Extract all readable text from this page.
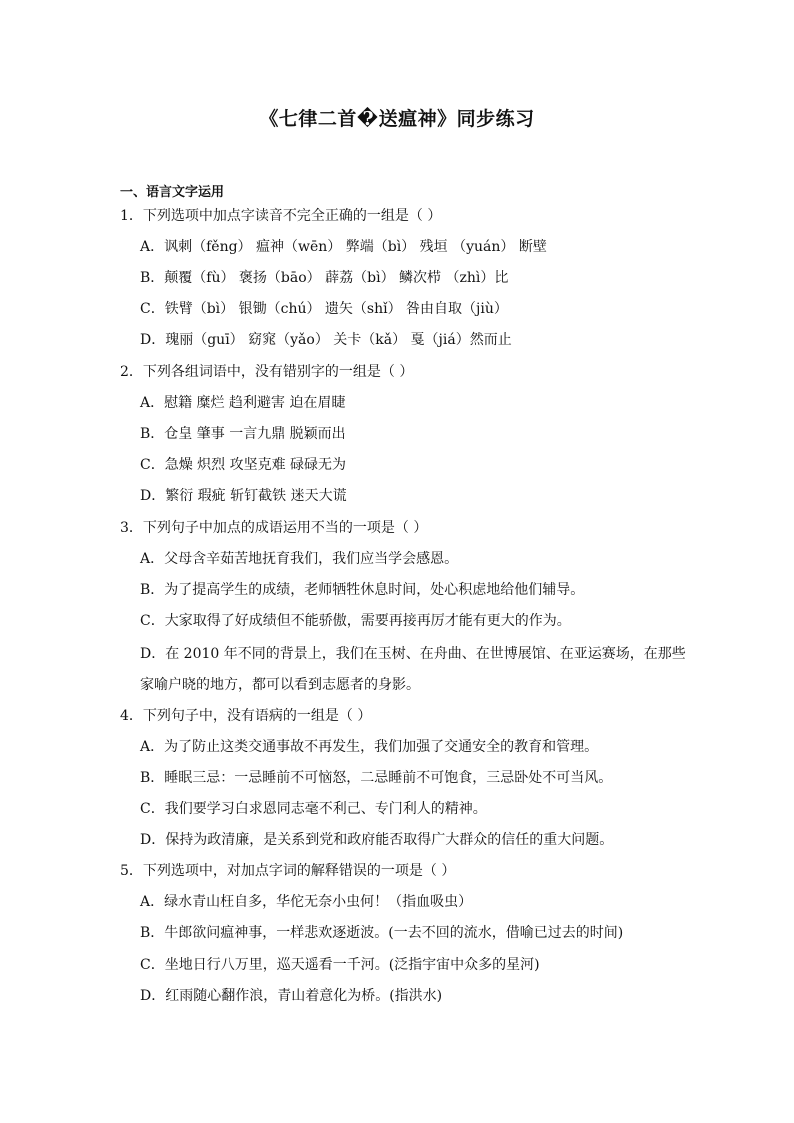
《七律二首�送瘟神》同步练习
一、语言文字运用
1．下列选项中加点字读音不完全正确的一组是（ ）
A．讽刺（fěng） 瘟神（wēn） 弊端（bì） 残垣 （yuán） 断壁
B．颠覆（fù） 褒扬（bāo） 薜荔（bì） 鳞次栉 （zhì）比
C．铁臂（bì） 银锄（chú） 遗矢（shǐ） 咎由自取（jiù）
D．瑰丽（guī） 窈窕（yǎo） 关卡（kǎ） 戛（jiá）然而止
2．下列各组词语中，没有错别字的一组是（ ）
A．慰籍 糜烂 趋利避害 迫在眉睫
B．仓皇 肇事 一言九鼎 脱颖而出
C．急燥 炽烈 攻坚克难 碌碌无为
D．繁衍 瑕疵 斩钉截铁 迷天大谎
3．下列句子中加点的成语运用不当的一项是（ ）
A．父母含辛茹苦地抚育我们，我们应当学会感恩。
B．为了提高学生的成绩，老师牺牲休息时间，处心积虑地给他们辅导。
C．大家取得了好成绩但不能骄傲，需要再接再厉才能有更大的作为。
D．在 2010 年不同的背景上，我们在玉树、在舟曲、在世博展馆、在亚运赛场，在那些
家喻户晓的地方，都可以看到志愿者的身影。
4．下列句子中，没有语病的一组是（ ）
A．为了防止这类交通事故不再发生，我们加强了交通安全的教育和管理。
B．睡眠三忌：一忌睡前不可恼怒，二忌睡前不可饱食，三忌卧处不可当风。
C．我们要学习白求恩同志毫不利己、专门利人的精神。
D．保持为政清廉，是关系到党和政府能否取得广大群众的信任的重大问题。
5．下列选项中，对加点字词的解释错误的一项是（ ）
A．绿水青山枉自多，华佗无奈小虫何！（指血吸虫）
B．牛郎欲问瘟神事，一样悲欢逐逝波。(一去不回的流水，借喻已过去的时间)
C．坐地日行八万里，巡天遥看一千河。(泛指宇宙中众多的星河)
D．红雨随心翻作浪，青山着意化为桥。(指洪水)
